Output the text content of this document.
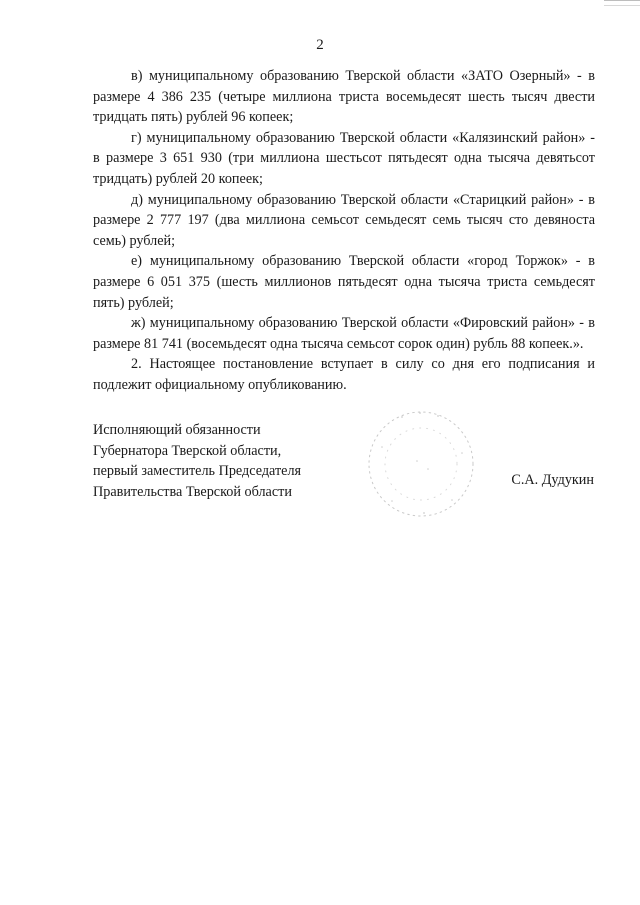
2

в) муниципальному образованию Тверской области «ЗАТО Озерный» - в размере 4 386 235 (четыре миллиона триста восемьдесят шесть тысяч двести тридцать пять) рублей 96 копеек;

г) муниципальному образованию Тверской области «Калязинский район» - в размере 3 651 930 (три миллиона шестьсот пятьдесят одна тысяча девятьсот тридцать) рублей 20 копеек;

д) муниципальному образованию Тверской области «Старицкий район» - в размере 2 777 197 (два миллиона семьсот семьдесят семь тысяч сто девяноста семь) рублей;

е) муниципальному образованию Тверской области «город Торжок» - в размере 6 051 375 (шесть миллионов пятьдесят одна тысяча триста семьдесят пять) рублей;

ж) муниципальному образованию Тверской области «Фировский район» - в размере 81 741 (восемьдесят одна тысяча семьсот сорок один) рубль 88 копеек.».

2. Настоящее постановление вступает в силу со дня его подписания и подлежит официальному опубликованию.

Исполняющий обязанности
Губернатора Тверской области,
первый заместитель Председателя
Правительства Тверской области
С.А. Дудукин
